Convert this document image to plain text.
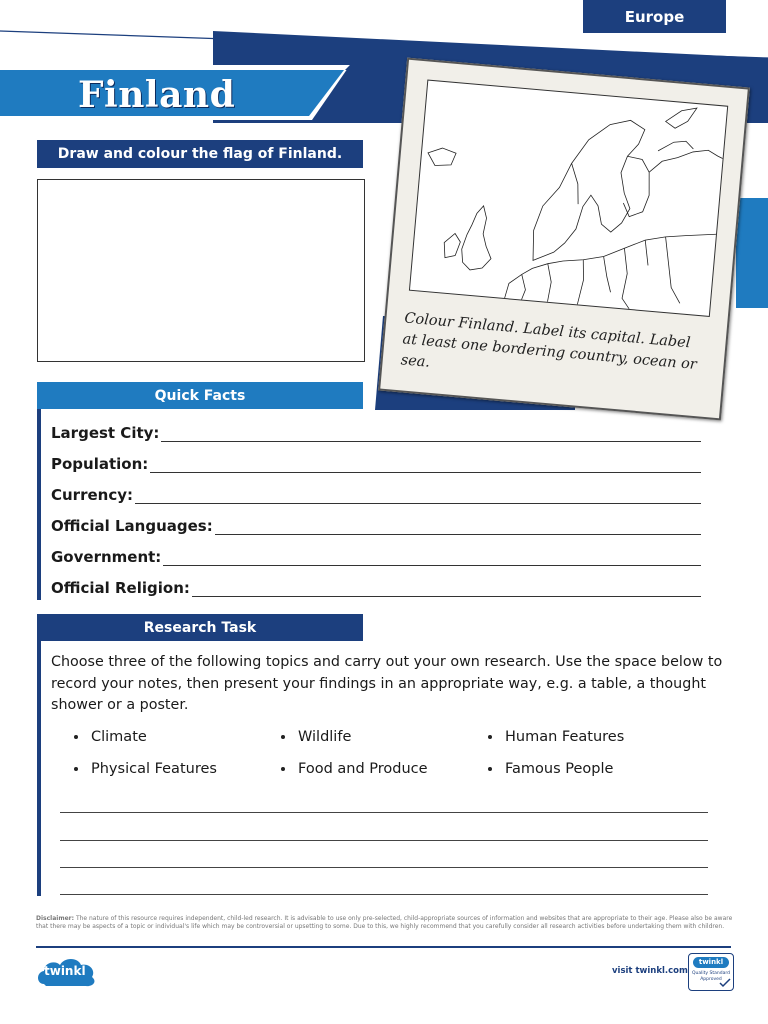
Europe
Finland
Draw and colour the flag of Finland.
Colour Finland. Label its capital. Label at least one bordering country, ocean or sea.
Quick Facts
Largest City:
Population:
Currency:
Official Languages:
Government:
Official Religion:
Research Task
Choose three of the following topics and carry out your own research. Use the space below to record your notes, then present your findings in an appropriate way, e.g. a table, a thought shower or a poster.
Climate	Wildlife	Human Features
Physical Features	Food and Produce	Famous People
Disclaimer: The nature of this resource requires independent, child-led research. It is advisable to use only pre-selected, child-appropriate sources of information and websites that are appropriate to their age. Please also be aware that there may be aspects of a topic or individual's life which may be controversial or upsetting to some. Due to this, we highly recommend that you carefully consider all research activities before undertaking them with children.
twinkl	visit twinkl.com
twinkl
Quality Standard
Approved
